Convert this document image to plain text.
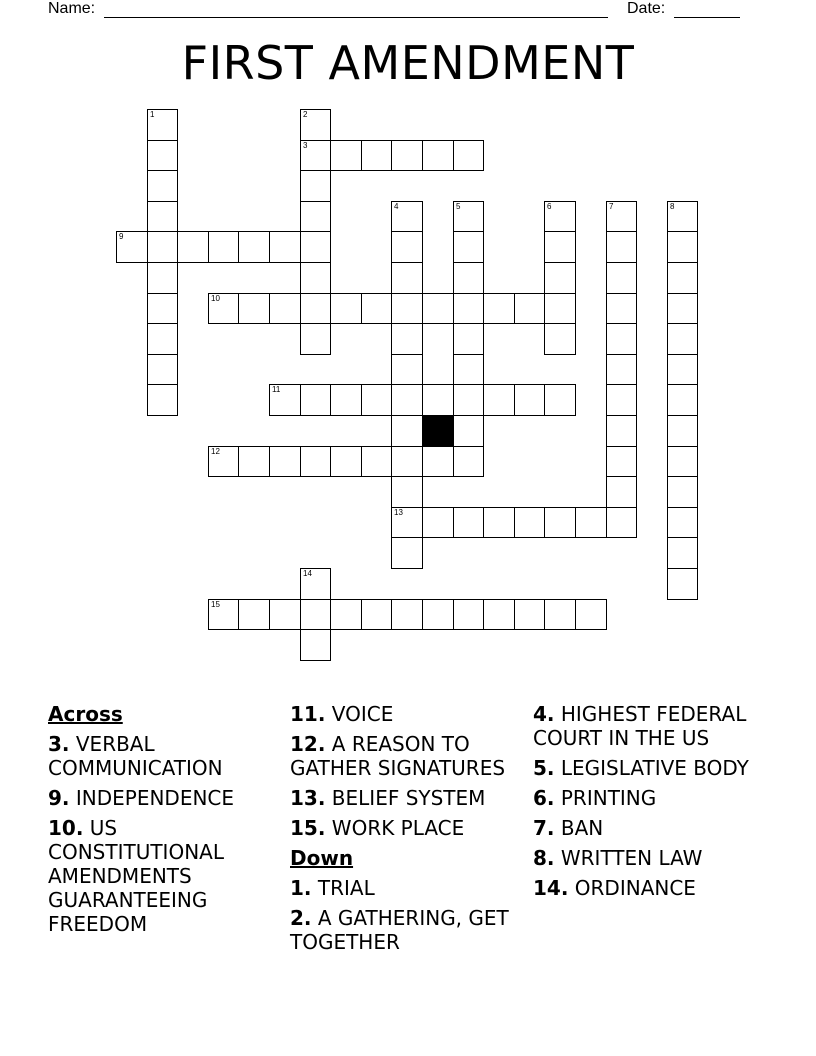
Name:	Date:
FIRST AMENDMENT
1	2
3
4
13
5	6	7	8
9
10
11
12
14
15
Across
3. VERBAL COMMUNICATION
9. INDEPENDENCE
10. US CONSTITUTIONAL AMENDMENTS GUARANTEEING FREEDOM
11. VOICE
12. A REASON TO GATHER SIGNATURES
13. BELIEF SYSTEM
15. WORK PLACE
Down
1. TRIAL
2. A GATHERING, GET TOGETHER
4. HIGHEST FEDERAL COURT IN THE US
5. LEGISLATIVE BODY
6. PRINTING
7. BAN
8. WRITTEN LAW
14. ORDINANCE
